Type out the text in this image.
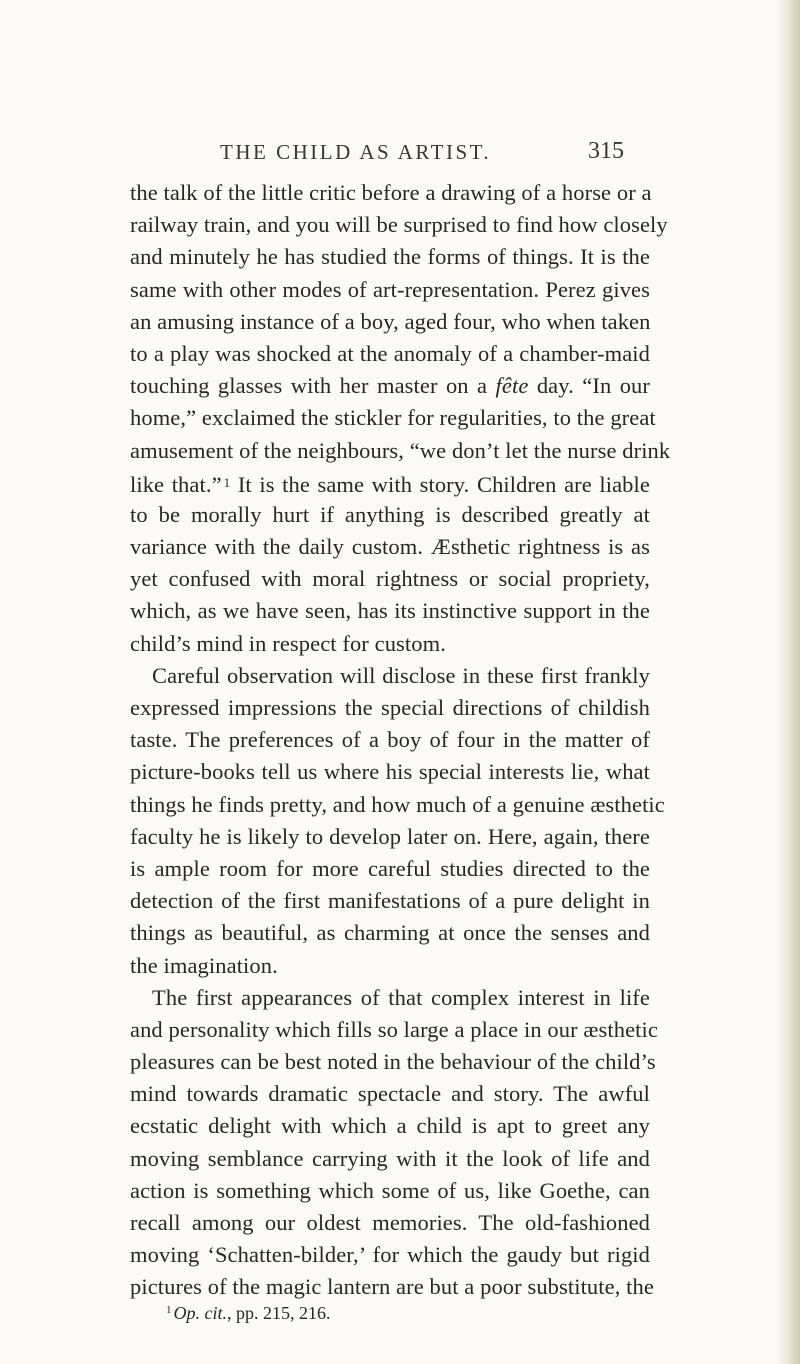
THE CHILD AS ARTIST.	315
the talk of the little critic before a drawing of a horse or a
railway train, and you will be surprised to find how closely
and minutely he has studied the forms of things. It is the
same with other modes of art-representation. Perez gives
an amusing instance of a boy, aged four, who when taken
to a play was shocked at the anomaly of a chamber-maid
touching glasses with her master on a fête day. “In our
home,” exclaimed the stickler for regularities, to the great
amusement of the neighbours, “we don’t let the nurse drink
like that.” $^1$ It is the same with story. Children are liable
to be morally hurt if anything is described greatly at
variance with the daily custom. Æsthetic rightness is as
yet confused with moral rightness or social propriety,
which, as we have seen, has its instinctive support in the
child’s mind in respect for custom.
Careful observation will disclose in these first frankly
expressed impressions the special directions of childish
taste. The preferences of a boy of four in the matter of
picture-books tell us where his special interests lie, what
things he finds pretty, and how much of a genuine æsthetic
faculty he is likely to develop later on. Here, again, there
is ample room for more careful studies directed to the
detection of the first manifestations of a pure delight in
things as beautiful, as charming at once the senses and
the imagination.
The first appearances of that complex interest in life
and personality which fills so large a place in our æsthetic
pleasures can be best noted in the behaviour of the child’s
mind towards dramatic spectacle and story. The awful
ecstatic delight with which a child is apt to greet any
moving semblance carrying with it the look of life and
action is something which some of us, like Goethe, can
recall among our oldest memories. The old-fashioned
moving ‘Schatten-bilder,’ for which the gaudy but rigid
pictures of the magic lantern are but a poor substitute, the
$^1$ Op. cit., pp. 215, 216.
